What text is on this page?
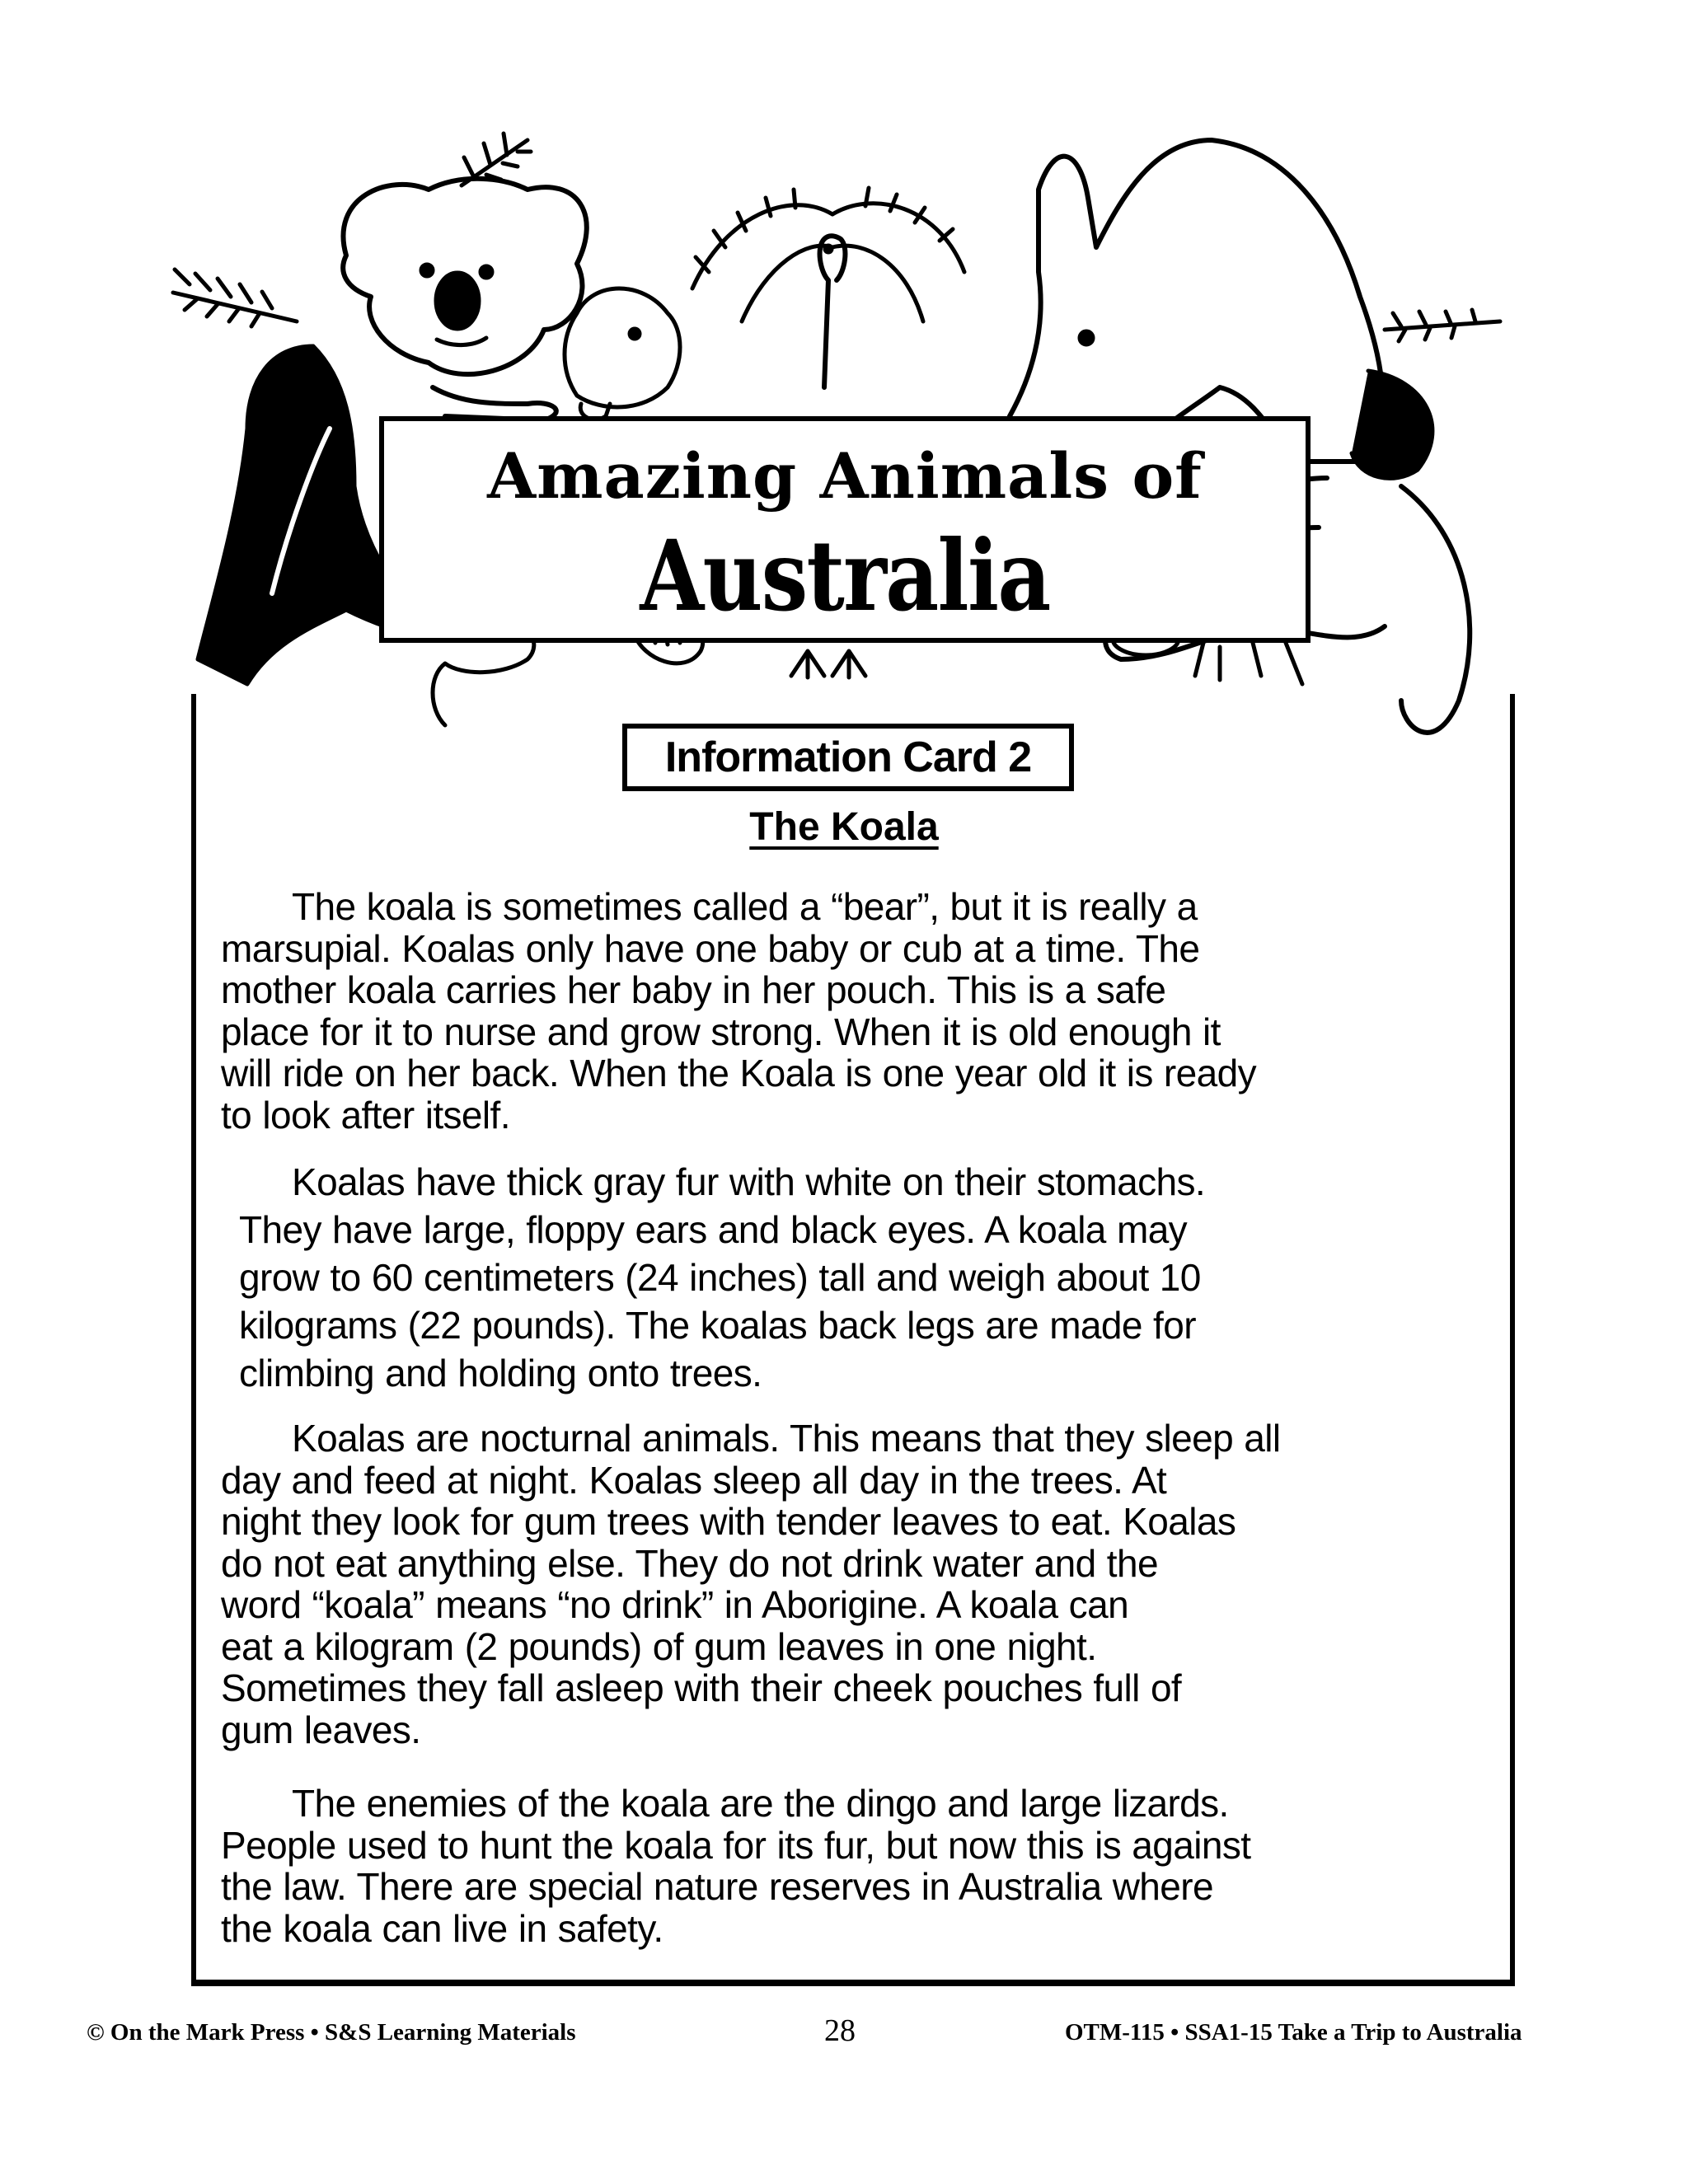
Amazing Animals of
Australia
Information Card 2
The Koala
The koala is sometimes called a “bear”, but it is really a
marsupial. Koalas only have one baby or cub at a time. The
mother koala carries her baby in her pouch. This is a safe
place for it to nurse and grow strong. When it is old enough it
will ride on her back. When the Koala is one year old it is ready
to look after itself.
Koalas have thick gray fur with white on their stomachs.
They have large, floppy ears and black eyes. A koala may
grow to 60 centimeters (24 inches) tall and weigh about 10
kilograms (22 pounds). The koalas back legs are made for
climbing and holding onto trees.
Koalas are nocturnal animals. This means that they sleep all
day and feed at night. Koalas sleep all day in the trees. At
night they look for gum trees with tender leaves to eat. Koalas
do not eat anything else. They do not drink water and the
word “koala” means “no drink” in Aborigine. A koala can
eat a kilogram (2 pounds) of gum leaves in one night.
Sometimes they fall asleep with their cheek pouches full of
gum leaves.
The enemies of the koala are the dingo and large lizards.
People used to hunt the koala for its fur, but now this is against
the law. There are special nature reserves in Australia where
the koala can live in safety.
© On the Mark Press • S&S Learning Materials	28	OTM-115 • SSA1-15 Take a Trip to Australia
